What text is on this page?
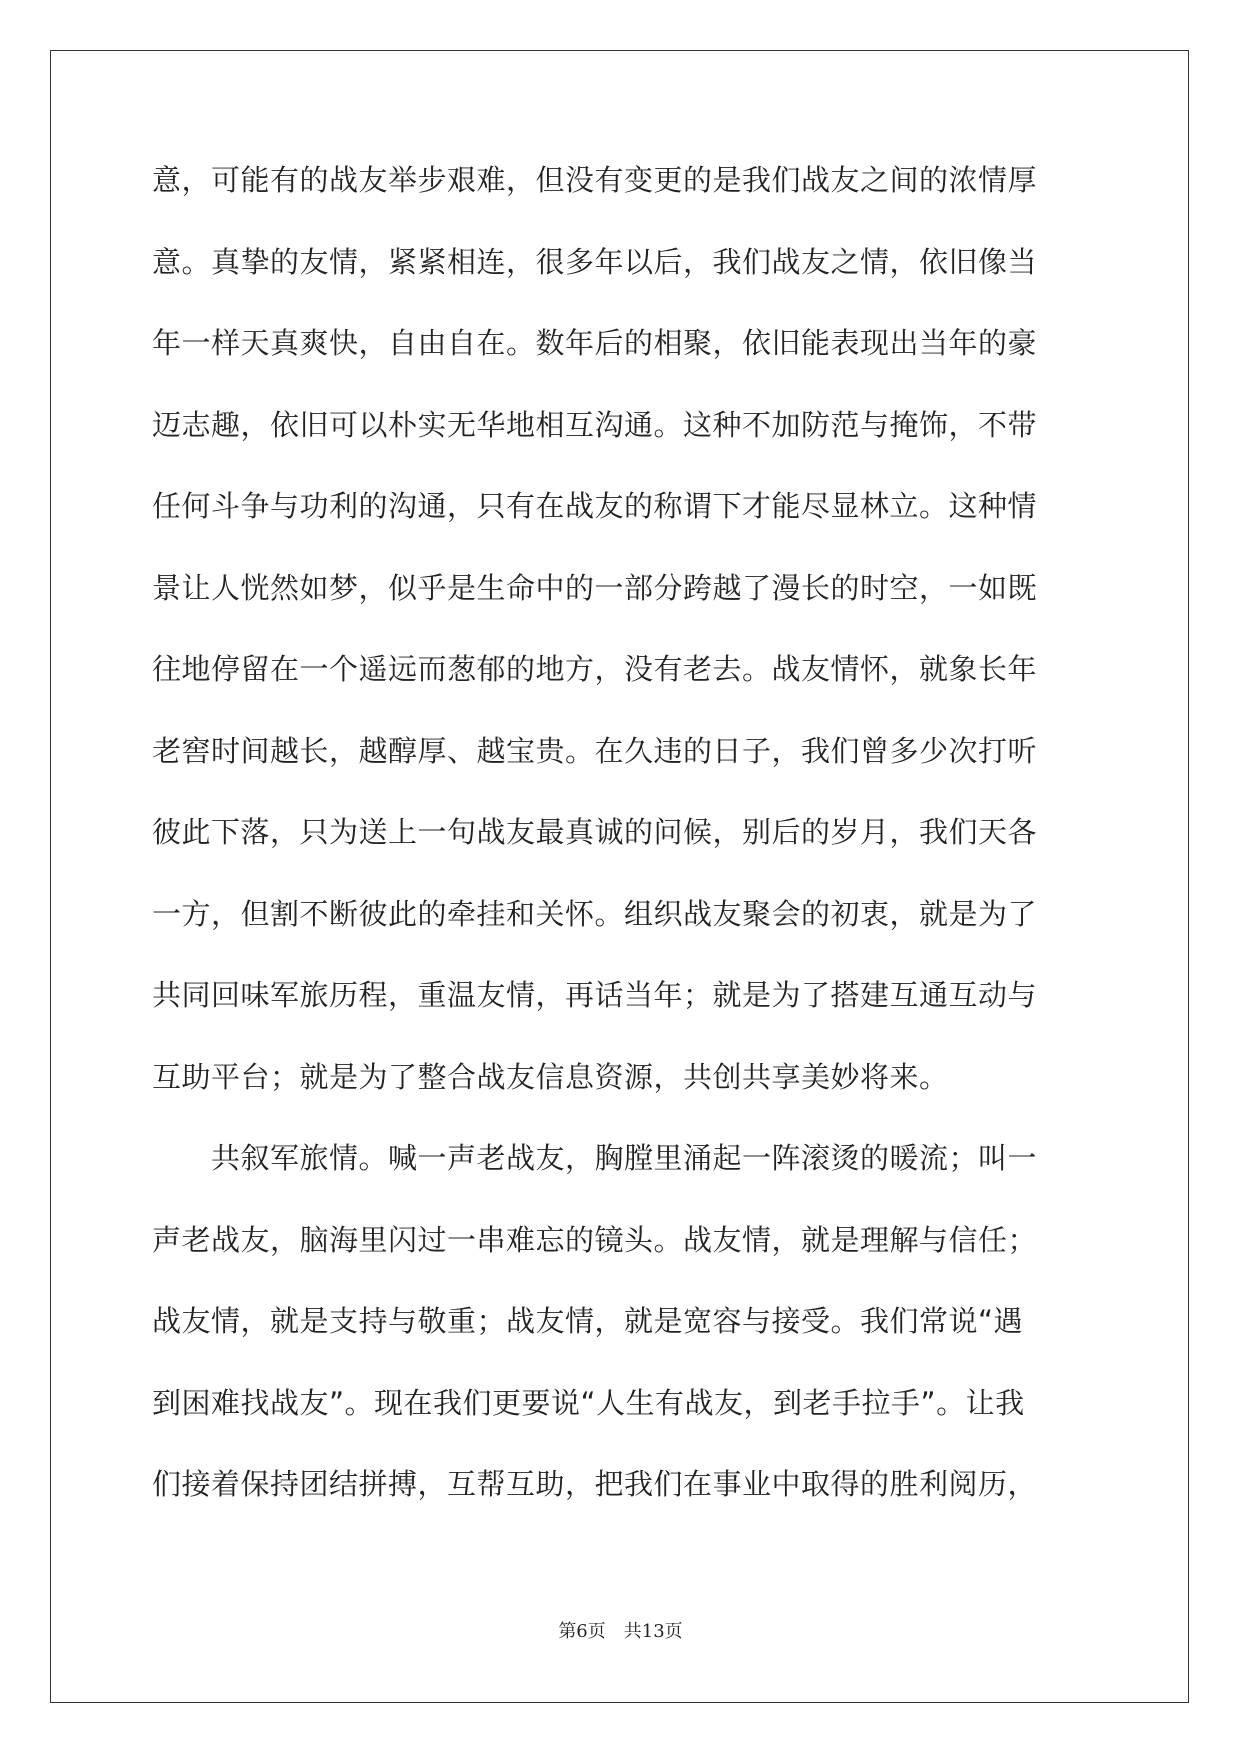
意，可能有的战友举步艰难，但没有变更的是我们战友之间的浓情厚
意。真挚的友情，紧紧相连，很多年以后，我们战友之情，依旧像当
年一样天真爽快，自由自在。数年后的相聚，依旧能表现出当年的豪
迈志趣，依旧可以朴实无华地相互沟通。这种不加防范与掩饰，不带
任何斗争与功利的沟通，只有在战友的称谓下才能尽显林立。这种情
景让人恍然如梦，似乎是生命中的一部分跨越了漫长的时空，一如既
往地停留在一个遥远而葱郁的地方，没有老去。战友情怀，就象长年
老窖时间越长，越醇厚、越宝贵。在久违的日子，我们曾多少次打听
彼此下落，只为送上一句战友最真诚的问候，别后的岁月，我们天各
一方，但割不断彼此的牵挂和关怀。组织战友聚会的初衷，就是为了
共同回味军旅历程，重温友情，再话当年；就是为了搭建互通互动与
互助平台；就是为了整合战友信息资源，共创共享美妙将来。
　　共叙军旅情。喊一声老战友，胸膛里涌起一阵滚烫的暖流；叫一
声老战友，脑海里闪过一串难忘的镜头。战友情，就是理解与信任；
战友情，就是支持与敬重；战友情，就是宽容与接受。我们常说“遇
到困难找战友”。现在我们更要说“人生有战友，到老手拉手”。让我
们接着保持团结拼搏，互帮互助，把我们在事业中取得的胜利阅历，
第6页 共13页
